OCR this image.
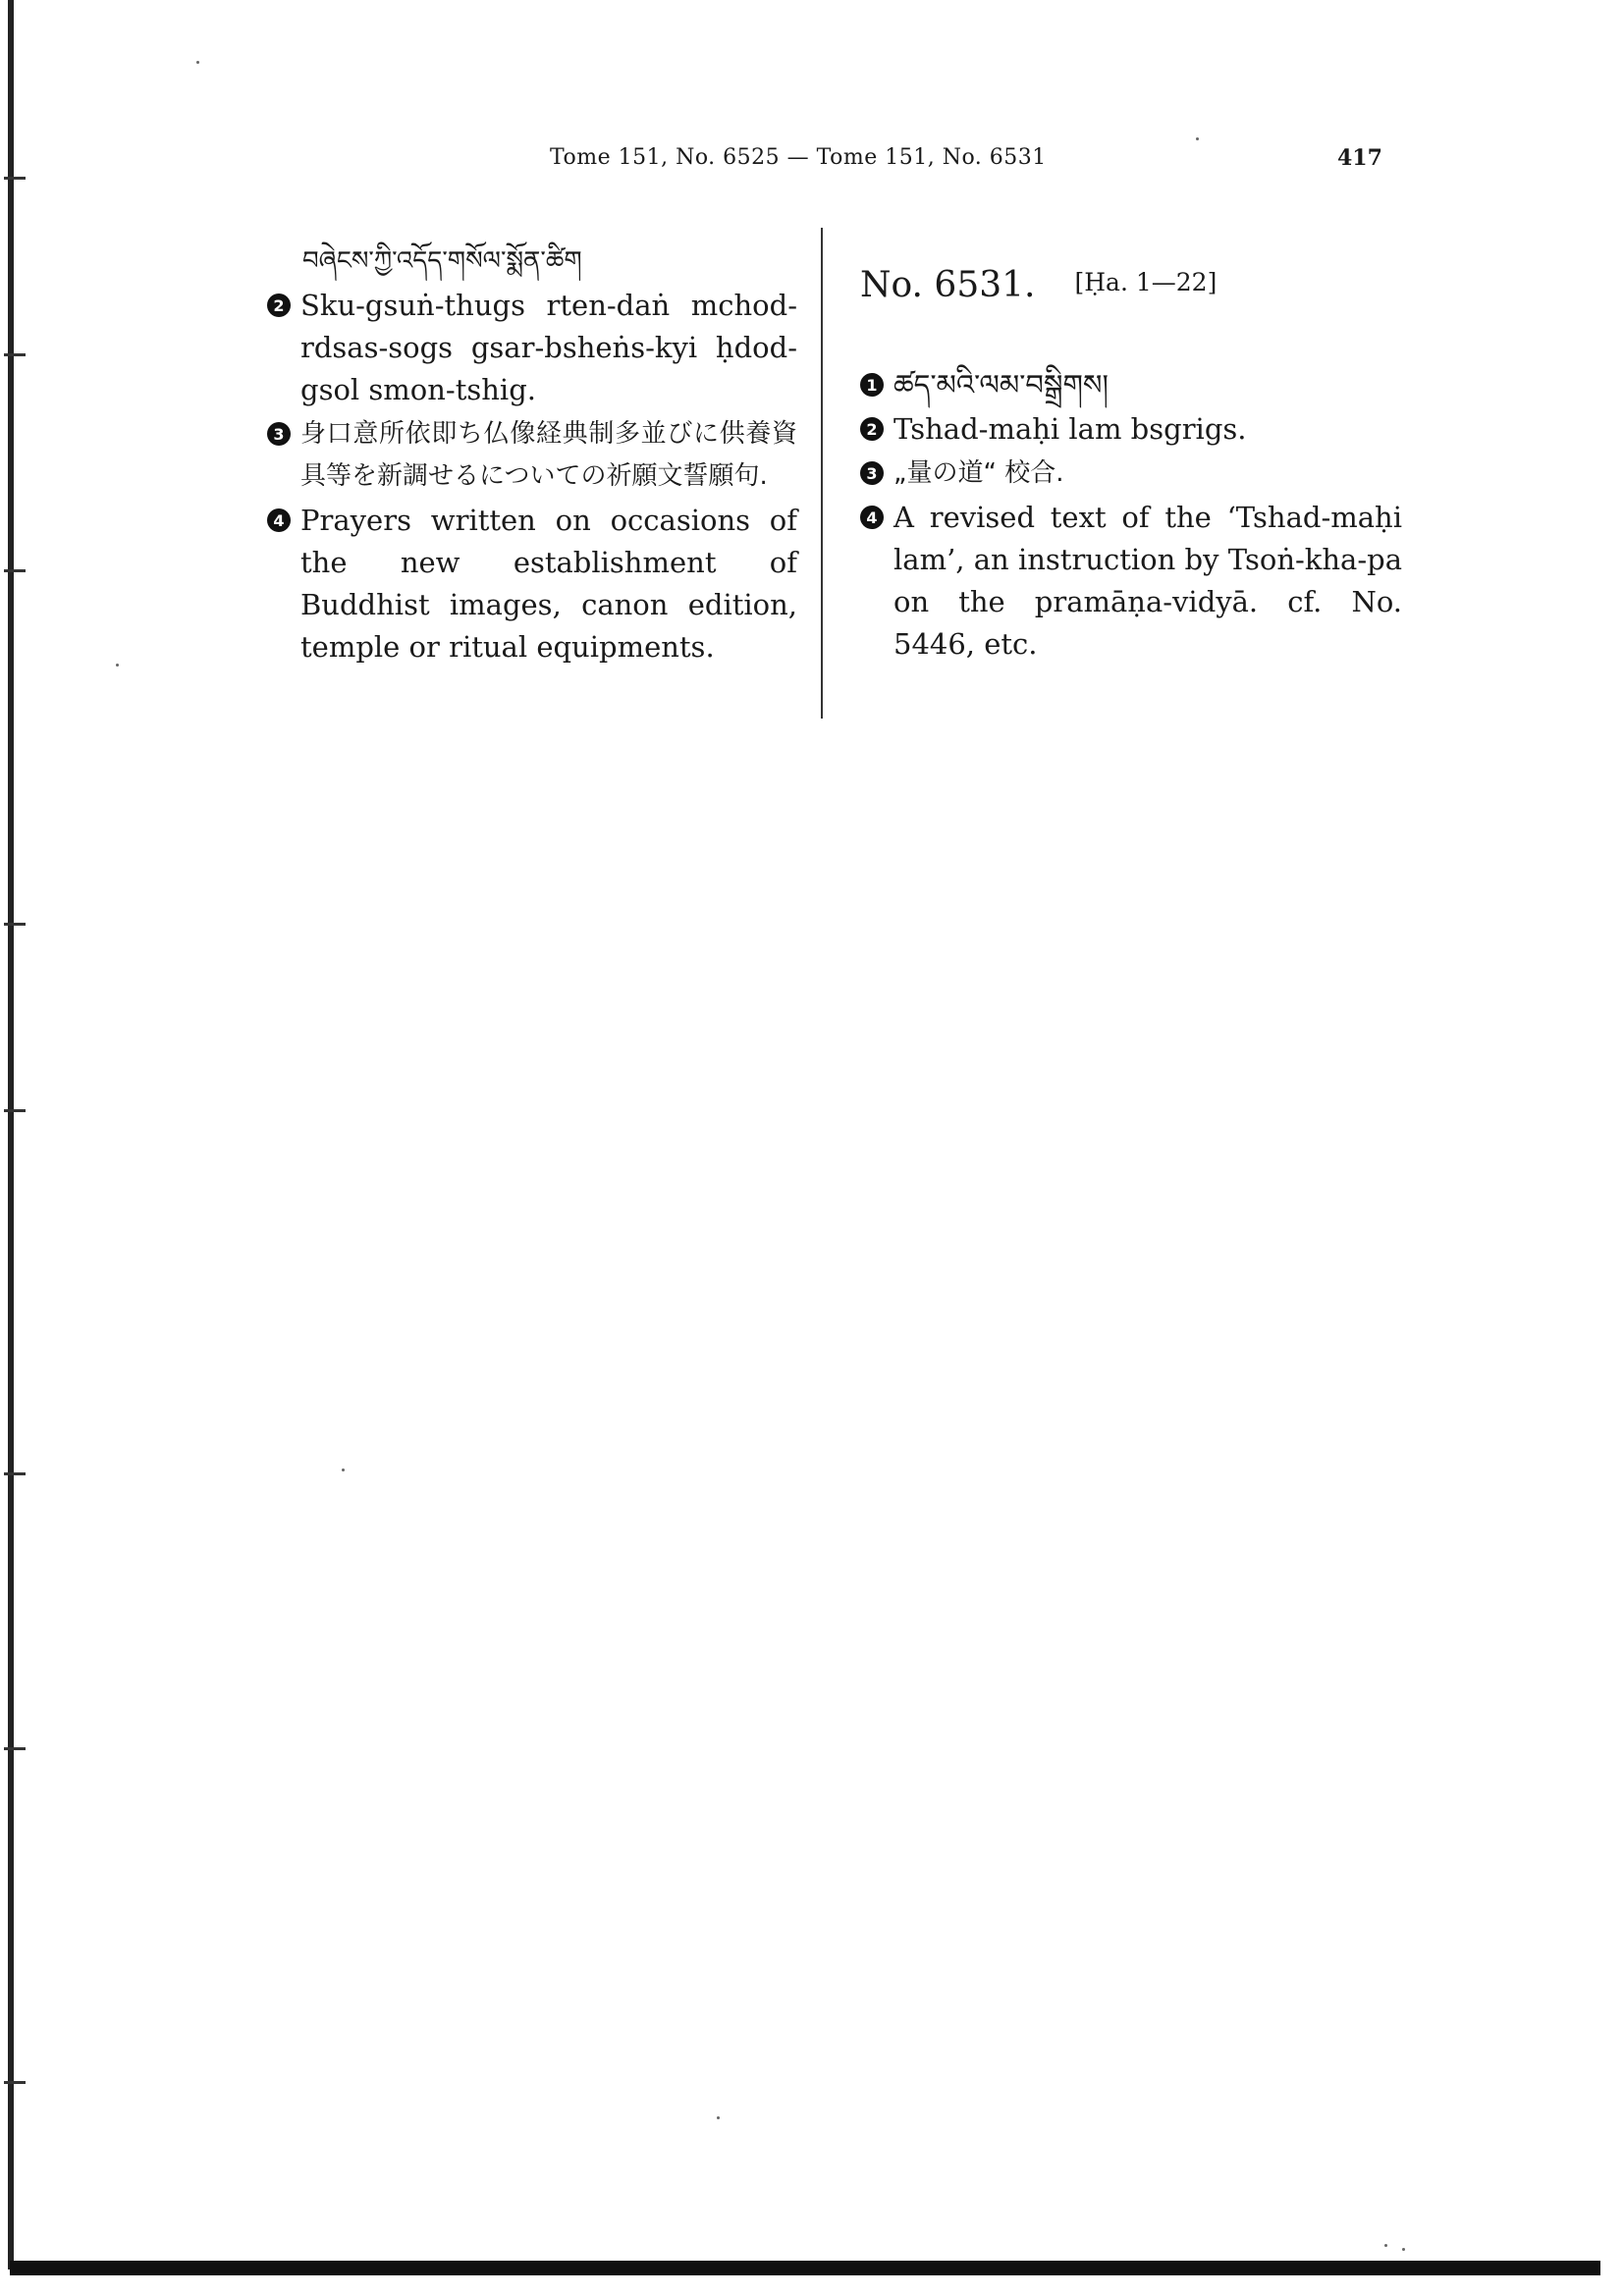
Tome 151, No. 6525 — Tome 151, No. 6531	417
བཞེངས་ཀྱི་འདོད་གསོལ་སྨོན་ཚིག
2 Sku-gsuṅ-thugs rten-daṅ mchod-rdsas-sogs gsar-bsheṅs-kyi ḥdod-gsol smon-tshig.
3 身口意所依即ち仏像経典制多並びに供養資具等を新調せるについての祈願文誓願句.
4 Prayers written on occasions of the new establishment of Buddhist images, canon edition, temple or ritual equipments.
No. 6531. [Ḥa. 1—22]
1 ཚད་མའི་ལམ་བསྒྲིགས།
2 Tshad-maḥi lam bsgrigs.
3 „量の道“ 校合.
4 A revised text of the ‘Tshad-maḥi lam’, an instruction by Tsoṅ-kha-pa on the pramāṇa-vidyā. cf. No. 5446, etc.
